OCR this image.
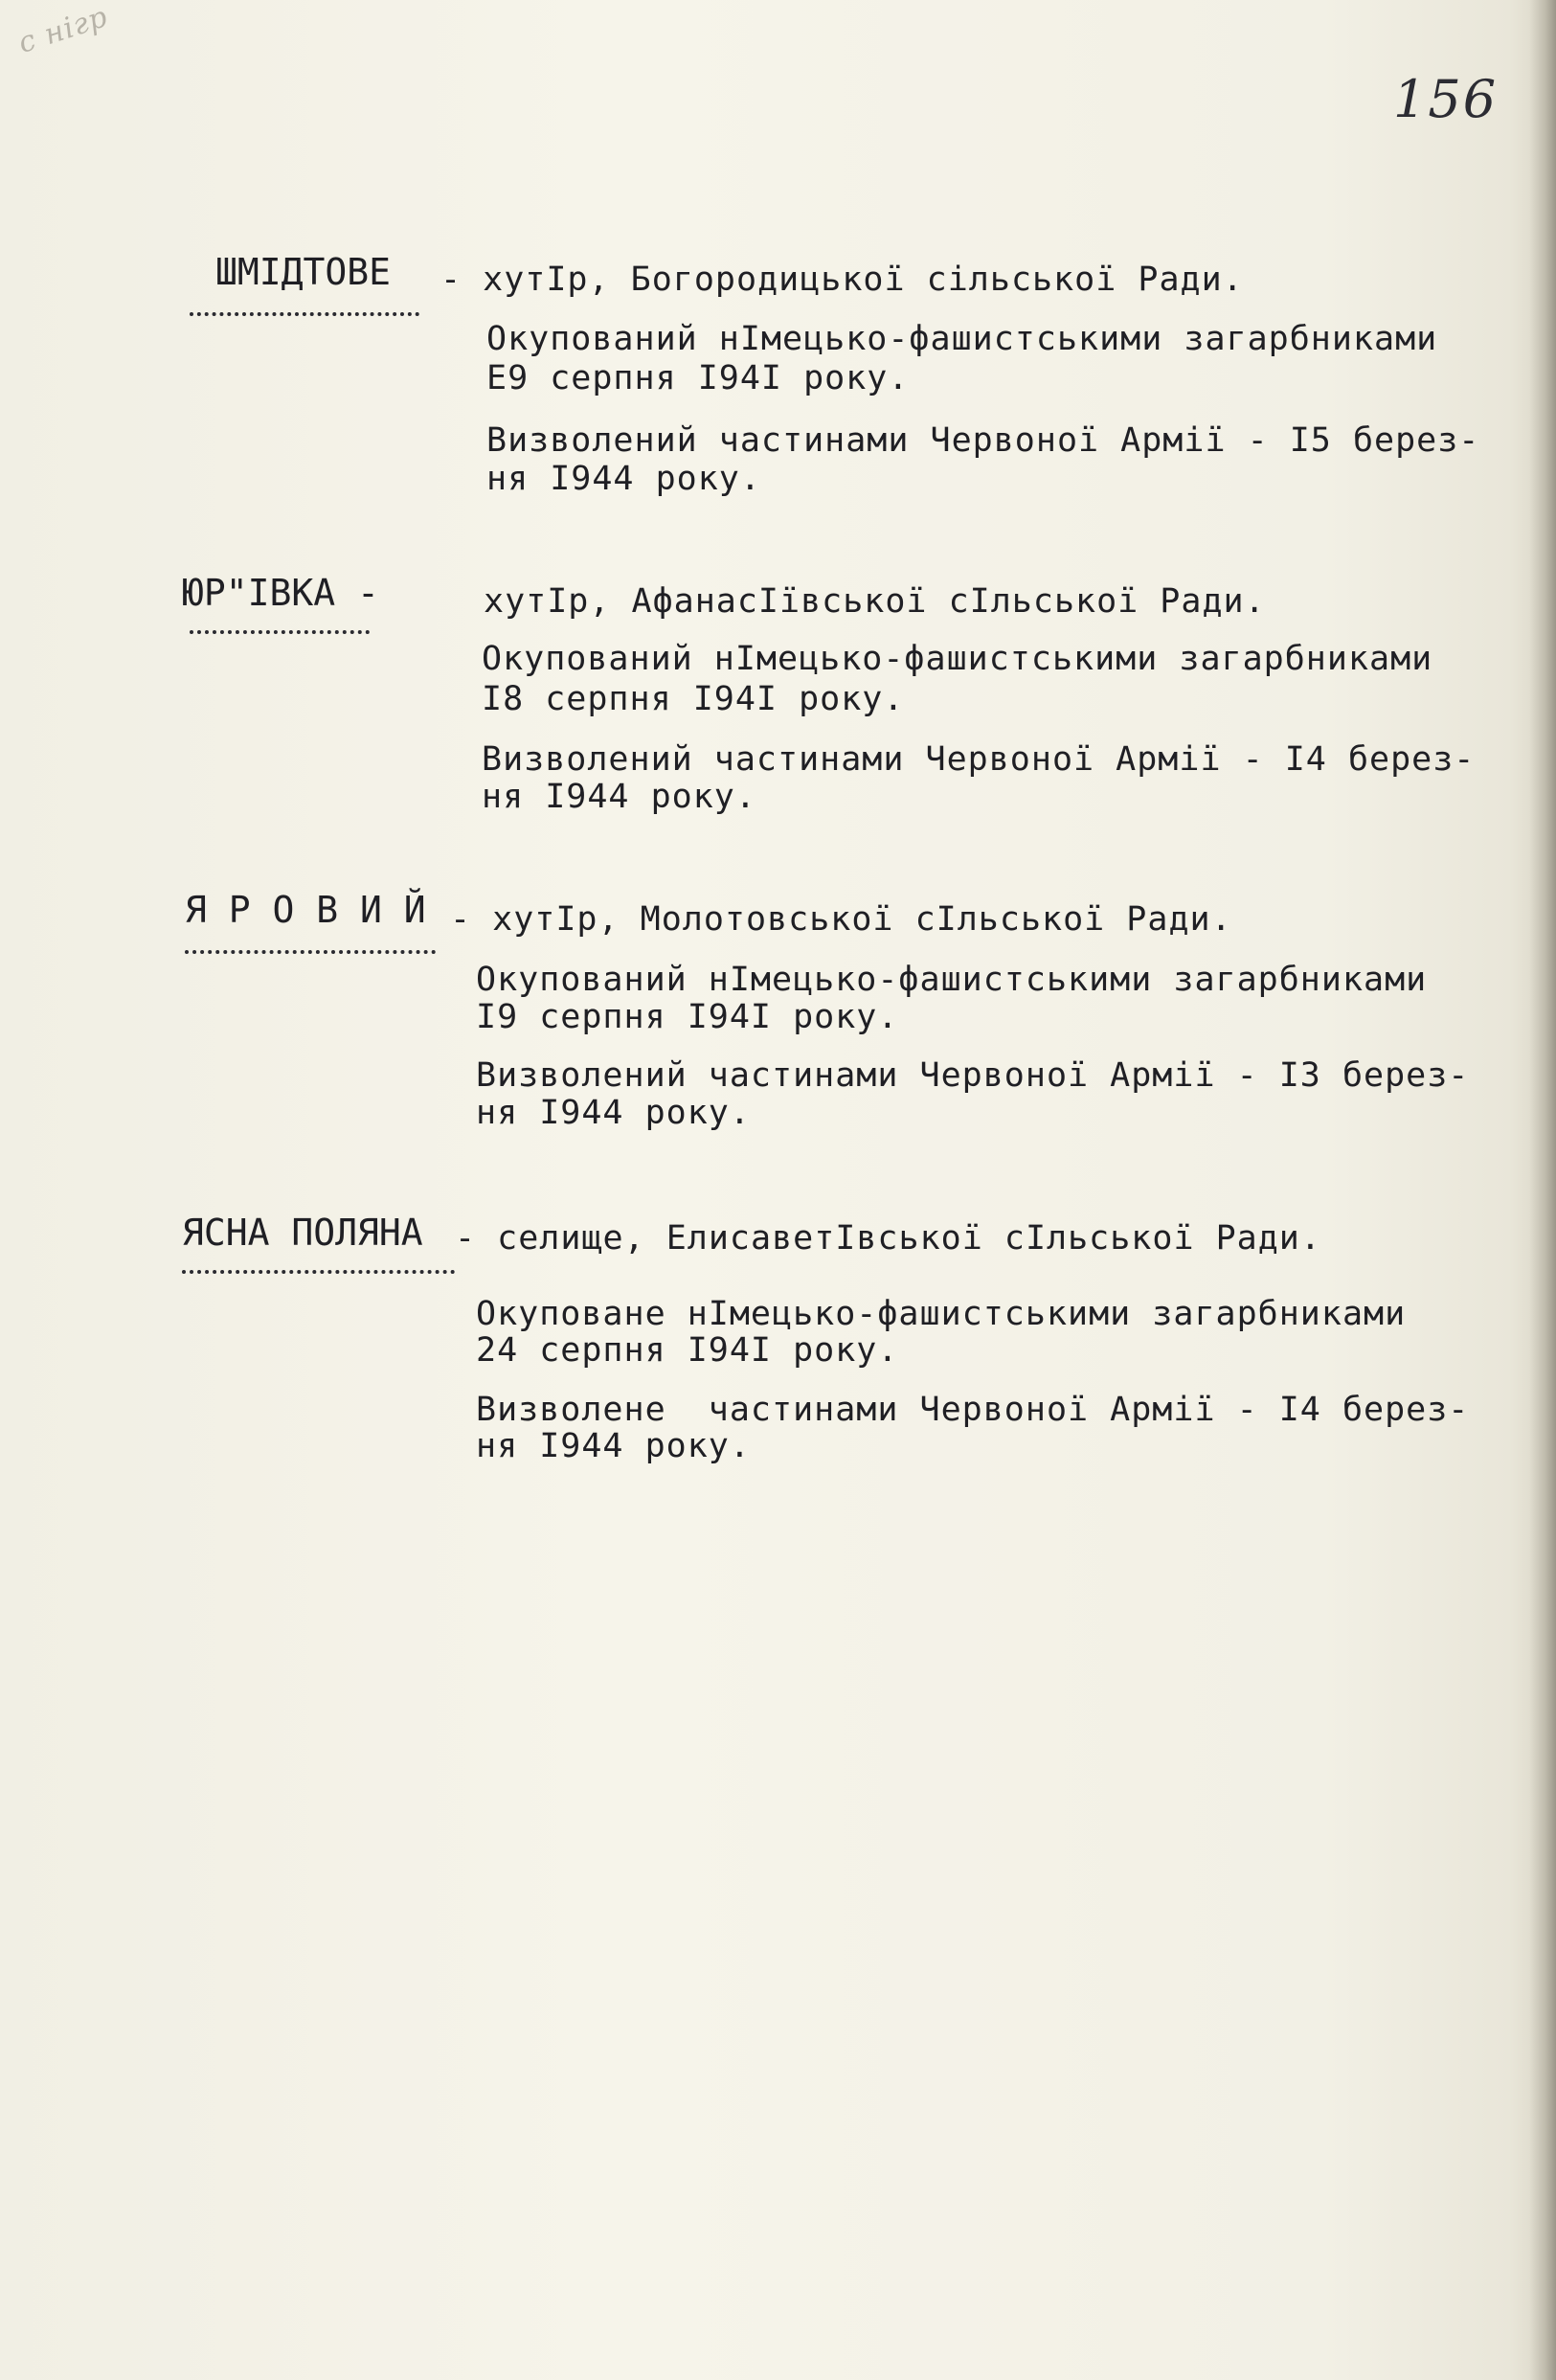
с нігр
156
ШМІДТОВЕ - хутІр, Богородицької сільської Ради.
Окупований нІмецько-фашистськими загарбниками
Е9 серпня І94І року.
Визволений частинами Червоної Армії - І5 берез-
ня І944 року.
ЮР"ІВКА -	хутІр, АфанасІївської сІльської Ради.
Окупований нІмецько-фашистськими загарбниками
І8 серпня І94І року.
Визволений частинами Червоної Армії - І4 берез-
ня І944 року.
Я Р О В И Й - хутІр, Молотовської сІльської Ради.
Окупований нІмецько-фашистськими загарбниками
І9 серпня І94І року.
Визволений частинами Червоної Армії - ІЗ берез-
ня І944 року.
ЯСНА ПОЛЯНА - селище, ЕлисаветІвської сІльської Ради.
Окуповане нІмецько-фашистськими загарбниками
24 серпня І94І року.
Визволене  частинами Червоної Армії - І4 берез-
ня І944 року.
